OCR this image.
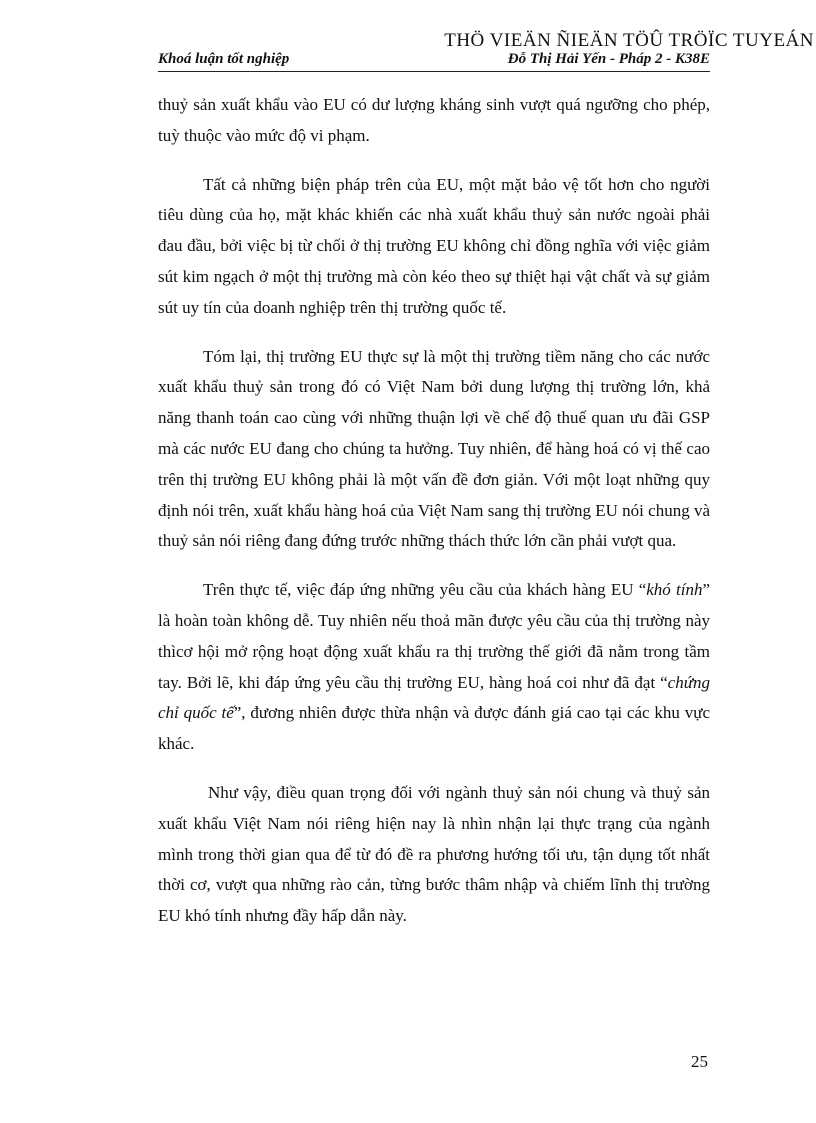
THÖ VIEÄN ÑIEÄN TÖÛ TRÖÏC TUYEÁN
Khoá luận tốt nghiệp	Đỗ Thị Hải Yến - Pháp 2 - K38E

thuỷ sản xuất khẩu vào EU có dư lượng kháng sinh vượt quá ngưỡng cho phép, tuỳ thuộc vào mức độ vi phạm.

Tất cả những biện pháp trên của EU, một mặt bảo vệ tốt hơn cho người tiêu dùng của họ, mặt khác khiến các nhà xuất khẩu thuỷ sản nước ngoài phải đau đầu, bởi việc bị từ chối ở thị trường EU không chỉ đồng nghĩa với việc giảm sút kim ngạch ở một thị trường mà còn kéo theo sự thiệt hại vật chất và sự giảm sút uy tín của doanh nghiệp trên thị trường quốc tế.

Tóm lại, thị trường EU thực sự là một thị trường tiềm năng cho các nước xuất khẩu thuỷ sản trong đó có Việt Nam bởi dung lượng thị trường lớn, khả năng thanh toán cao cùng với những thuận lợi về chế độ thuế quan ưu đãi GSP mà các nước EU đang cho chúng ta hưởng. Tuy nhiên, để hàng hoá có vị thế cao trên thị trường EU không phải là một vấn đề đơn giản. Với một loạt những quy định nói trên, xuất khẩu hàng hoá của Việt Nam sang thị trường EU nói chung và thuỷ sản nói riêng đang đứng trước những thách thức lớn cần phải vượt qua.

Trên thực tế, việc đáp ứng những yêu cầu của khách hàng EU “khó tính” là hoàn toàn không dễ. Tuy nhiên nếu thoả mãn được yêu cầu của thị trường này thìcơ hội mở rộng hoạt động xuất khẩu ra thị trường thế giới đã nằm trong tầm tay. Bởi lẽ, khi đáp ứng yêu cầu thị trường EU, hàng hoá coi như đã đạt “chứng chỉ quốc tế”, đương nhiên được thừa nhận và được đánh giá cao tại các khu vực khác.

Như vậy, điều quan trọng đối với ngành thuỷ sản nói chung và thuỷ sản xuất khẩu Việt Nam nói riêng hiện nay là nhìn nhận lại thực trạng của ngành mình trong thời gian qua để từ đó đề ra phương hướng tối ưu, tận dụng tốt nhất thời cơ, vượt qua những rào cản, từng bước thâm nhập và chiếm lĩnh thị trường EU khó tính nhưng đầy hấp dẫn này.

25
